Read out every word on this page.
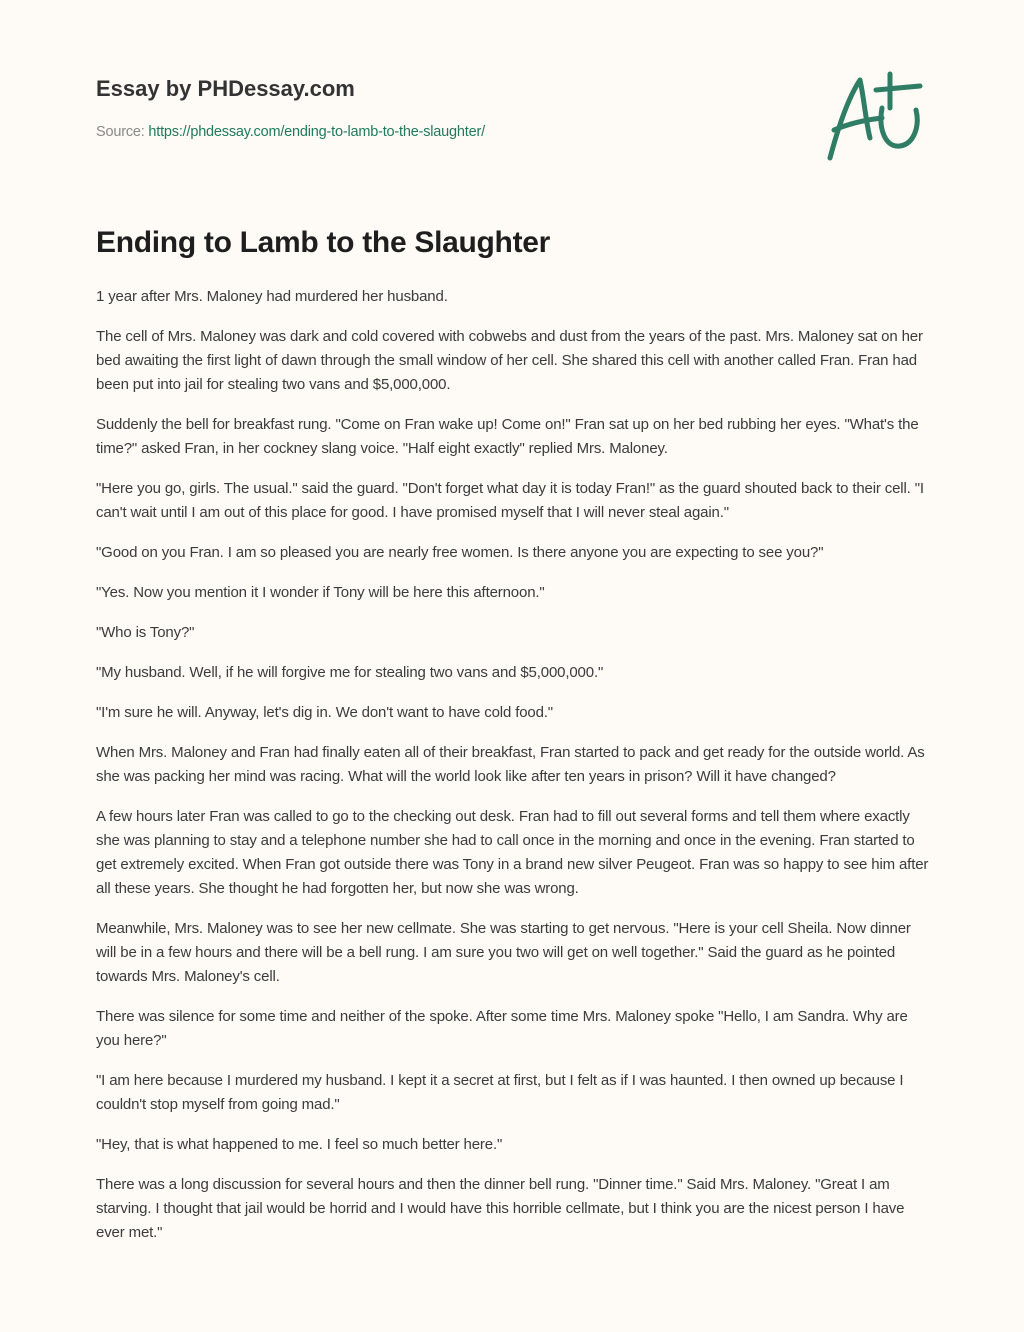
Essay by PHDessay.com

Source: https://phdessay.com/ending-to-lamb-to-the-slaughter/

Ending to Lamb to the Slaughter

1 year after Mrs. Maloney had murdered her husband.

The cell of Mrs. Maloney was dark and cold covered with cobwebs and dust from the years of the past. Mrs. Maloney sat on her bed awaiting the first light of dawn through the small window of her cell. She shared this cell with another called Fran. Fran had been put into jail for stealing two vans and $5,000,000.

Suddenly the bell for breakfast rung. "Come on Fran wake up! Come on!" Fran sat up on her bed rubbing her eyes. "What's the time?" asked Fran, in her cockney slang voice. "Half eight exactly" replied Mrs. Maloney.

"Here you go, girls. The usual." said the guard. "Don't forget what day it is today Fran!" as the guard shouted back to their cell. "I can't wait until I am out of this place for good. I have promised myself that I will never steal again."

"Good on you Fran. I am so pleased you are nearly free women. Is there anyone you are expecting to see you?"

"Yes. Now you mention it I wonder if Tony will be here this afternoon."

"Who is Tony?"

"My husband. Well, if he will forgive me for stealing two vans and $5,000,000."

"I'm sure he will. Anyway, let's dig in. We don't want to have cold food."

When Mrs. Maloney and Fran had finally eaten all of their breakfast, Fran started to pack and get ready for the outside world. As she was packing her mind was racing. What will the world look like after ten years in prison? Will it have changed?

A few hours later Fran was called to go to the checking out desk. Fran had to fill out several forms and tell them where exactly she was planning to stay and a telephone number she had to call once in the morning and once in the evening. Fran started to get extremely excited. When Fran got outside there was Tony in a brand new silver Peugeot. Fran was so happy to see him after all these years. She thought he had forgotten her, but now she was wrong.

Meanwhile, Mrs. Maloney was to see her new cellmate. She was starting to get nervous. "Here is your cell Sheila. Now dinner will be in a few hours and there will be a bell rung. I am sure you two will get on well together." Said the guard as he pointed towards Mrs. Maloney's cell.

There was silence for some time and neither of the spoke. After some time Mrs. Maloney spoke "Hello, I am Sandra. Why are you here?"

"I am here because I murdered my husband. I kept it a secret at first, but I felt as if I was haunted. I then owned up because I couldn't stop myself from going mad."

"Hey, that is what happened to me. I feel so much better here."

There was a long discussion for several hours and then the dinner bell rung. "Dinner time." Said Mrs. Maloney. "Great I am starving. I thought that jail would be horrid and I would have this horrible cellmate, but I think you are the nicest person I have ever met."
